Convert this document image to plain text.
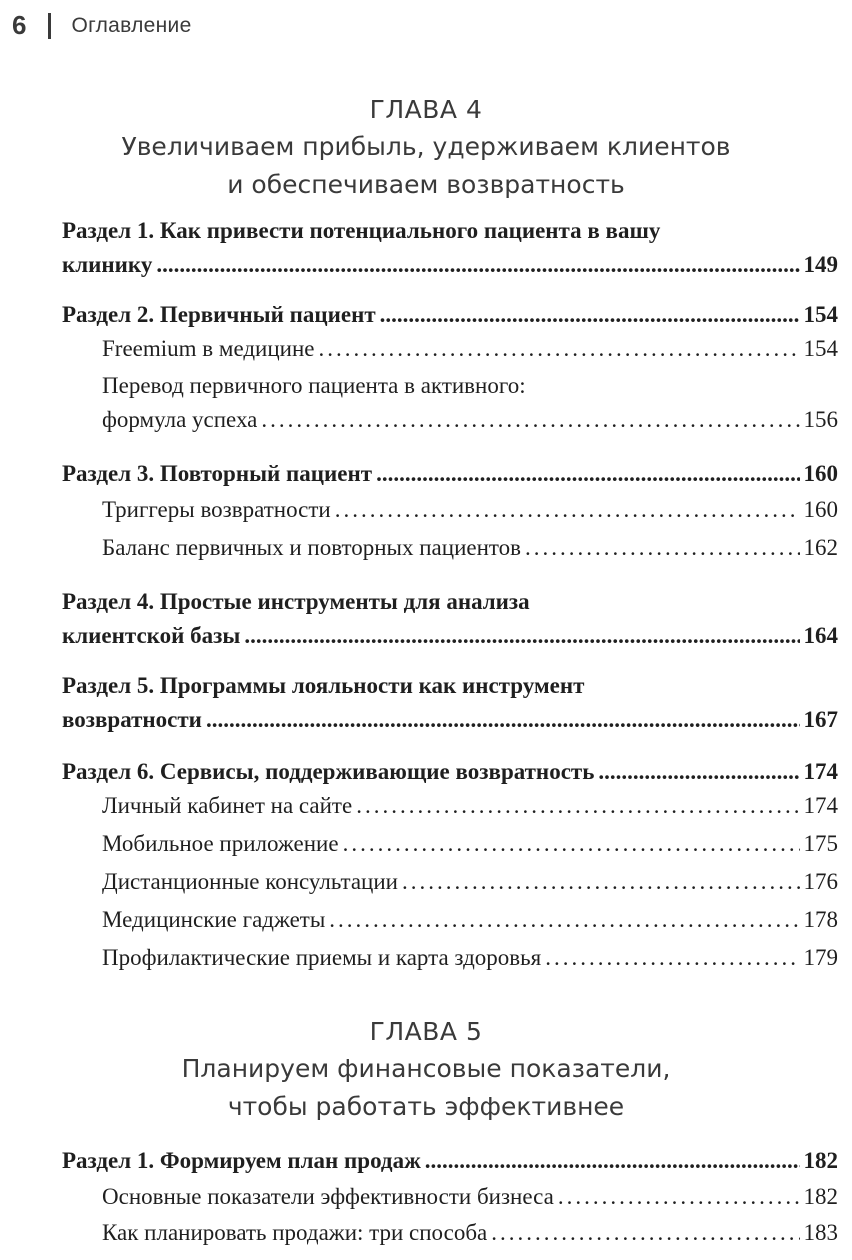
6 Оглавление
ГЛАВА 4
Увеличиваем прибыль, удерживаем клиентов
и обеспечиваем возвратность
Раздел 1. Как привести потенциального пациента в вашу
клинику .....	149
Раздел 2. Первичный пациент .....	154
Freemium в медицине .....	154
Перевод первичного пациента в активного:
формула успеха .....	156
Раздел 3. Повторный пациент .....	160
Триггеры возвратности .....	160
Баланс первичных и повторных пациентов .....	162
Раздел 4. Простые инструменты для анализа
клиентской базы .....	164
Раздел 5. Программы лояльности как инструмент
возвратности .....	167
Раздел 6. Сервисы, поддерживающие возвратность .....	174
Личный кабинет на сайте .....	174
Мобильное приложение .....	175
Дистанционные консультации .....	176
Медицинские гаджеты .....	178
Профилактические приемы и карта здоровья .....	179
ГЛАВА 5
Планируем финансовые показатели,
чтобы работать эффективнее
Раздел 1. Формируем план продаж .....	182
Основные показатели эффективности бизнеса .....	182
Как планировать продажи: три способа .....	183
